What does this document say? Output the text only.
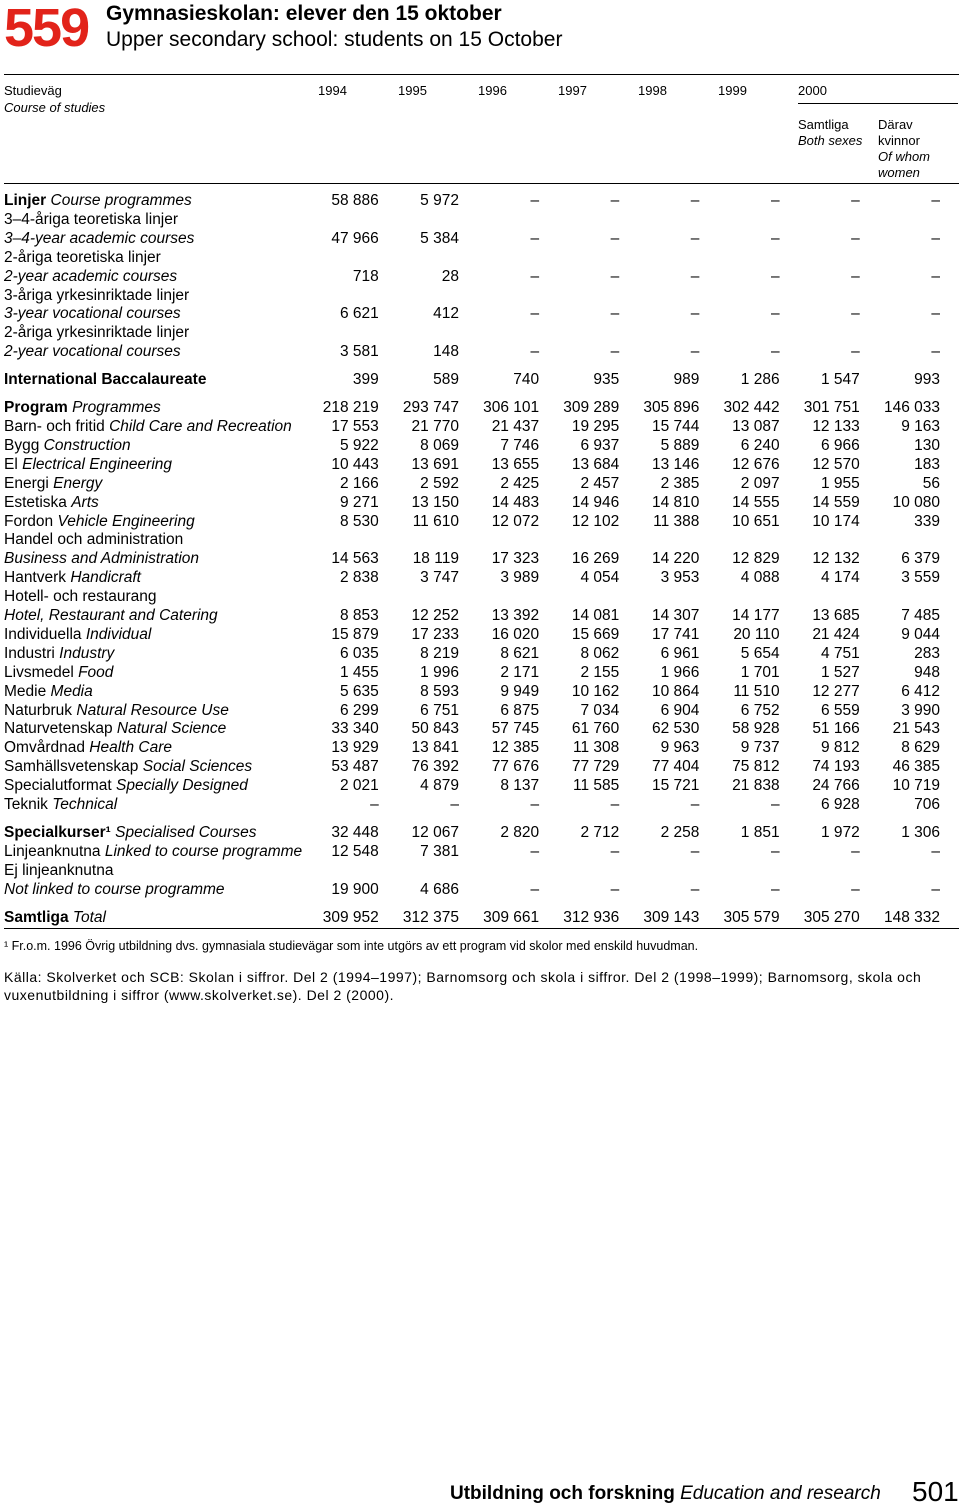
559 Gymnasieskolan: elever den 15 oktober
Upper secondary school: students on 15 October
Studieväg
Course of studies
1994	1995	1996	1997	1998	1999	2000
Samtliga
Both sexes
Därav
kvinnor
Of whom
women
Linjer Course programmes	58 886	5 972	–	–	–	–	–	–
3–4-åriga teoretiska linjer								
3–4-year academic courses	47 966	5 384	–	–	–	–	–	–
2-åriga teoretiska linjer								
2-year academic courses	718	28	–	–	–	–	–	–
3-åriga yrkesinriktade linjer								
3-year vocational courses	6 621	412	–	–	–	–	–	–
2-åriga yrkesinriktade linjer								
2-year vocational courses	3 581	148	–	–	–	–	–	–
International Baccalaureate	399	589	740	935	989	1 286	1 547	993
Program Programmes	218 219	293 747	306 101	309 289	305 896	302 442	301 751	146 033
Barn- och fritid Child Care and Recreation	17 553	21 770	21 437	19 295	15 744	13 087	12 133	9 163
Bygg Construction	5 922	8 069	7 746	6 937	5 889	6 240	6 966	130
El Electrical Engineering	10 443	13 691	13 655	13 684	13 146	12 676	12 570	183
Energi Energy	2 166	2 592	2 425	2 457	2 385	2 097	1 955	56
Estetiska Arts	9 271	13 150	14 483	14 946	14 810	14 555	14 559	10 080
Fordon Vehicle Engineering	8 530	11 610	12 072	12 102	11 388	10 651	10 174	339
Handel och administration								
Business and Administration	14 563	18 119	17 323	16 269	14 220	12 829	12 132	6 379
Hantverk Handicraft	2 838	3 747	3 989	4 054	3 953	4 088	4 174	3 559
Hotell- och restaurang								
Hotel, Restaurant and Catering	8 853	12 252	13 392	14 081	14 307	14 177	13 685	7 485
Individuella Individual	15 879	17 233	16 020	15 669	17 741	20 110	21 424	9 044
Industri Industry	6 035	8 219	8 621	8 062	6 961	5 654	4 751	283
Livsmedel Food	1 455	1 996	2 171	2 155	1 966	1 701	1 527	948
Medie Media	5 635	8 593	9 949	10 162	10 864	11 510	12 277	6 412
Naturbruk Natural Resource Use	6 299	6 751	6 875	7 034	6 904	6 752	6 559	3 990
Naturvetenskap Natural Science	33 340	50 843	57 745	61 760	62 530	58 928	51 166	21 543
Omvårdnad Health Care	13 929	13 841	12 385	11 308	9 963	9 737	9 812	8 629
Samhällsvetenskap Social Sciences	53 487	76 392	77 676	77 729	77 404	75 812	74 193	46 385
Specialutformat Specially Designed	2 021	4 879	8 137	11 585	15 721	21 838	24 766	10 719
Teknik Technical	–	–	–	–	–	–	6 928	706
Specialkurser¹ Specialised Courses	32 448	12 067	2 820	2 712	2 258	1 851	1 972	1 306
Linjeanknutna Linked to course programme	12 548	7 381	–	–	–	–	–	–
Ej linjeanknutna								
Not linked to course programme	19 900	4 686	–	–	–	–	–	–
Samtliga Total	309 952	312 375	309 661	312 936	309 143	305 579	305 270	148 332
¹ Fr.o.m. 1996 Övrig utbildning dvs. gymnasiala studievägar som inte utgörs av ett program vid skolor med enskild huvudman.
Källa: Skolverket och SCB: Skolan i siffror. Del 2 (1994–1997); Barnomsorg och skola i siffror. Del 2 (1998–1999); Barnomsorg, skola och vuxenutbildning i siffror (www.skolverket.se). Del 2 (2000).
Utbildning och forskning Education and research 501
